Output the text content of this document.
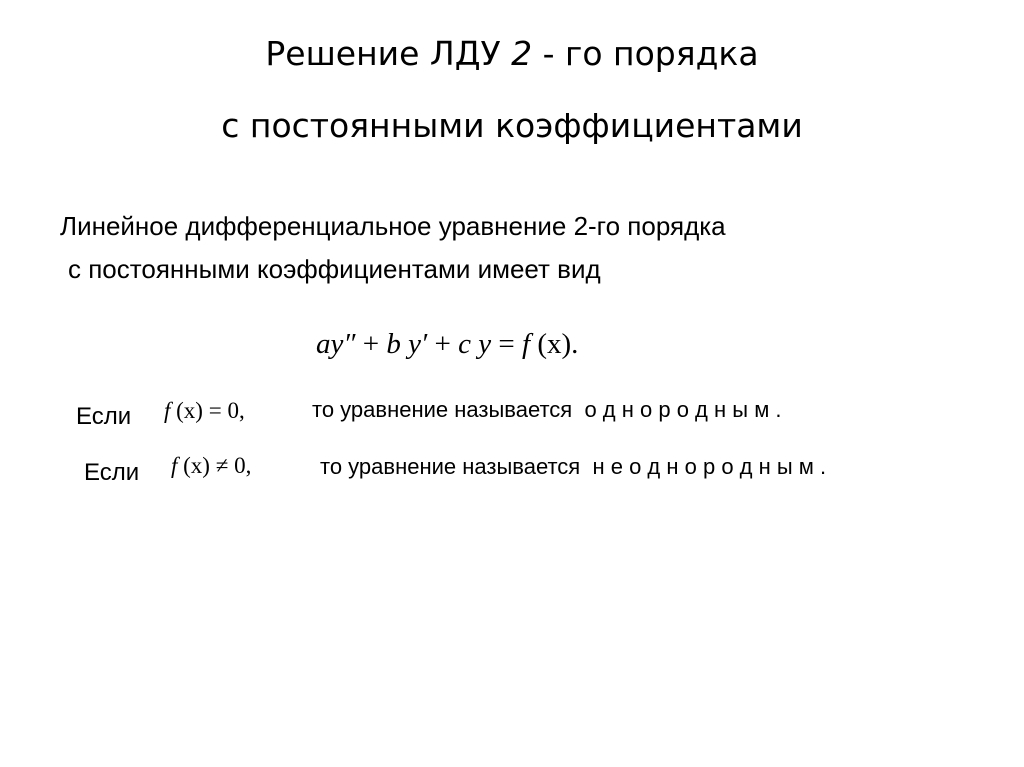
Решение ЛДУ 2 - го порядка
с постоянными коэффициентами
Линейное дифференциальное уравнение 2-го порядка
с постоянными коэффициентами имеет вид
ay″ + b y′ + c y = f (x).
Если f (x) = 0,	то уравнение называется о д н о р о д н ы м .
Если f (x) ≠ 0,	то уравнение называется н е о д н о р о д н ы м .
